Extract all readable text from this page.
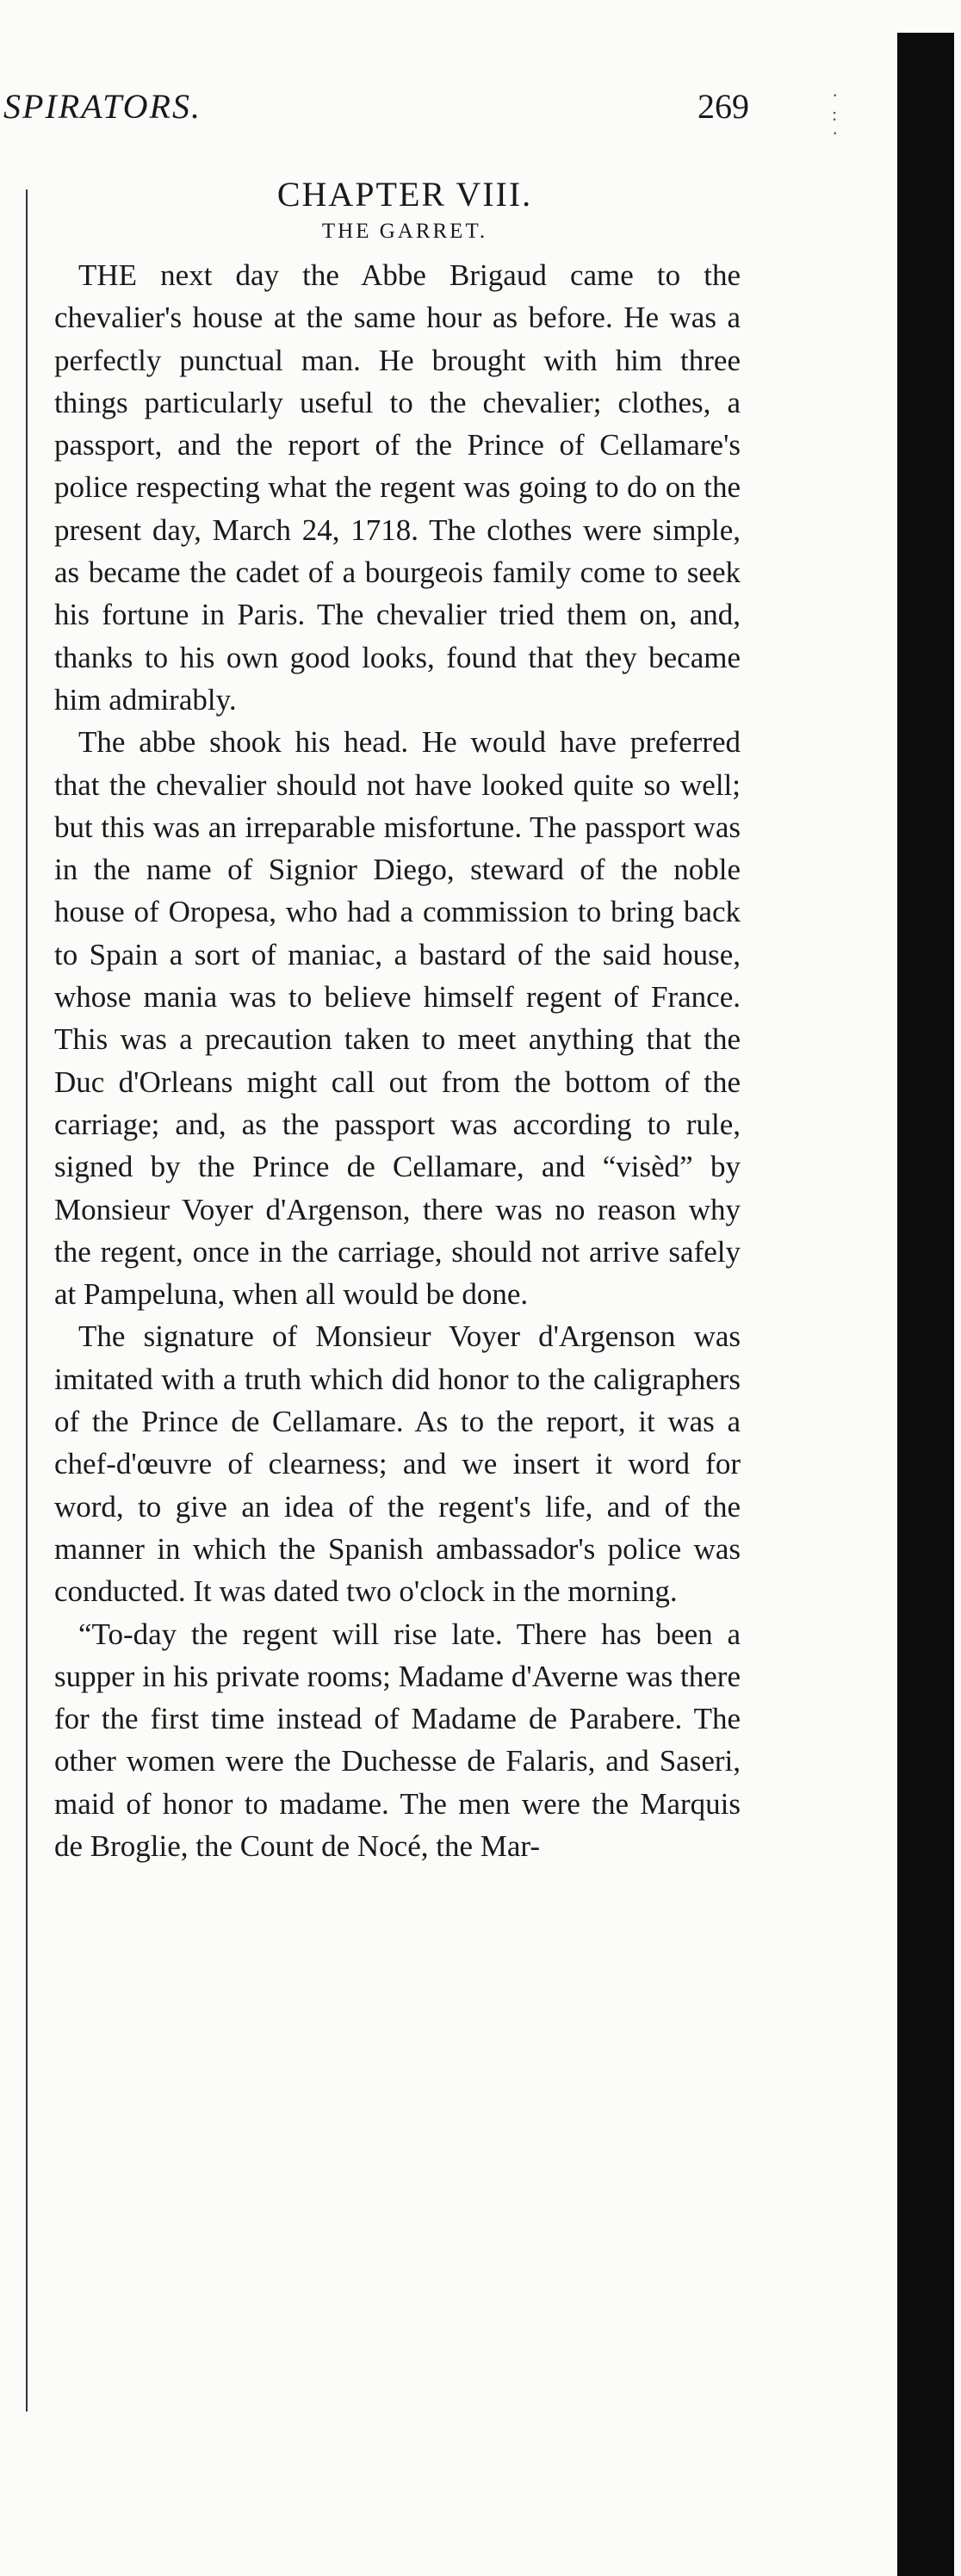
SPIRATORS.	269	·
:
·
CHAPTER VIII.
THE GARRET.

THE next day the Abbe Brigaud came to the chevalier's house at the same hour as before. He was a perfectly punctual man. He brought with him three things particularly useful to the chevalier; clothes, a passport, and the report of the Prince of Cellamare's police respecting what the regent was going to do on the present day, March 24, 1718. The clothes were simple, as became the cadet of a bourgeois family come to seek his fortune in Paris. The chevalier tried them on, and, thanks to his own good looks, found that they became him admirably.

The abbe shook his head. He would have preferred that the chevalier should not have looked quite so well; but this was an irreparable misfortune. The passport was in the name of Signior Diego, steward of the noble house of Oropesa, who had a commission to bring back to Spain a sort of maniac, a bastard of the said house, whose mania was to believe himself regent of France. This was a precaution taken to meet anything that the Duc d'Orleans might call out from the bottom of the carriage; and, as the passport was according to rule, signed by the Prince de Cellamare, and “visèd” by Monsieur Voyer d'Argenson, there was no reason why the regent, once in the carriage, should not arrive safely at Pampeluna, when all would be done.

The signature of Monsieur Voyer d'Argenson was imitated with a truth which did honor to the caligraphers of the Prince de Cellamare. As to the report, it was a chef-d'œuvre of clearness; and we insert it word for word, to give an idea of the regent's life, and of the manner in which the Spanish ambassador's police was conducted. It was dated two o'clock in the morning.

“To-day the regent will rise late. There has been a supper in his private rooms; Madame d'Averne was there for the first time instead of Madame de Parabere. The other women were the Duchesse de Falaris, and Saseri, maid of honor to madame. The men were the Marquis de Broglie, the Count de Nocé, the Mar-
